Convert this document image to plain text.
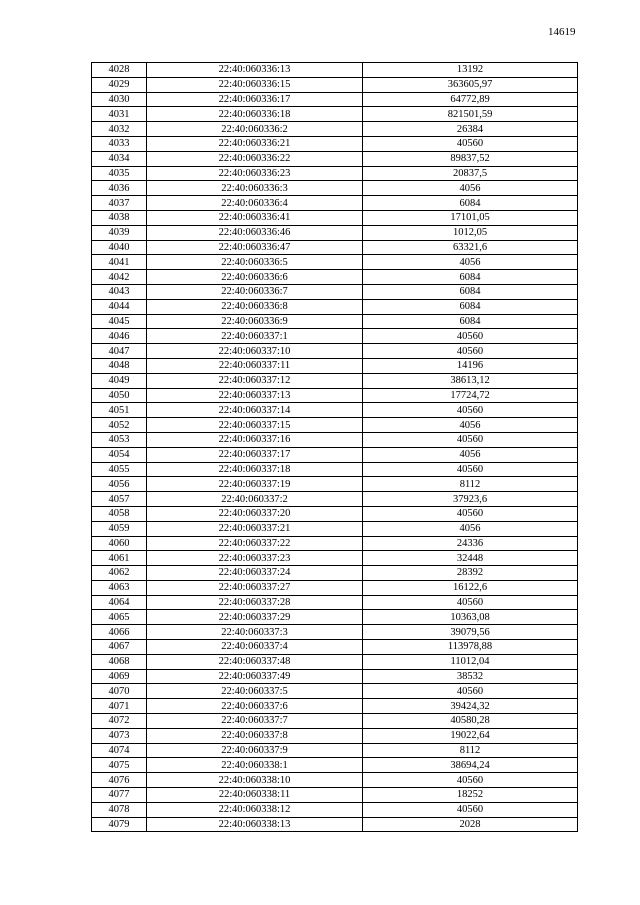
14619
4028	22:40:060336:13	13192
4029	22:40:060336:15	363605,97
4030	22:40:060336:17	64772,89
4031	22:40:060336:18	821501,59
4032	22:40:060336:2	26384
4033	22:40:060336:21	40560
4034	22:40:060336:22	89837,52
4035	22:40:060336:23	20837,5
4036	22:40:060336:3	4056
4037	22:40:060336:4	6084
4038	22:40:060336:41	17101,05
4039	22:40:060336:46	1012,05
4040	22:40:060336:47	63321,6
4041	22:40:060336:5	4056
4042	22:40:060336:6	6084
4043	22:40:060336:7	6084
4044	22:40:060336:8	6084
4045	22:40:060336:9	6084
4046	22:40:060337:1	40560
4047	22:40:060337:10	40560
4048	22:40:060337:11	14196
4049	22:40:060337:12	38613,12
4050	22:40:060337:13	17724,72
4051	22:40:060337:14	40560
4052	22:40:060337:15	4056
4053	22:40:060337:16	40560
4054	22:40:060337:17	4056
4055	22:40:060337:18	40560
4056	22:40:060337:19	8112
4057	22:40:060337:2	37923,6
4058	22:40:060337:20	40560
4059	22:40:060337:21	4056
4060	22:40:060337:22	24336
4061	22:40:060337:23	32448
4062	22:40:060337:24	28392
4063	22:40:060337:27	16122,6
4064	22:40:060337:28	40560
4065	22:40:060337:29	10363,08
4066	22:40:060337:3	39079,56
4067	22:40:060337:4	113978,88
4068	22:40:060337:48	11012,04
4069	22:40:060337:49	38532
4070	22:40:060337:5	40560
4071	22:40:060337:6	39424,32
4072	22:40:060337:7	40580,28
4073	22:40:060337:8	19022,64
4074	22:40:060337:9	8112
4075	22:40:060338:1	38694,24
4076	22:40:060338:10	40560
4077	22:40:060338:11	18252
4078	22:40:060338:12	40560
4079	22:40:060338:13	2028
